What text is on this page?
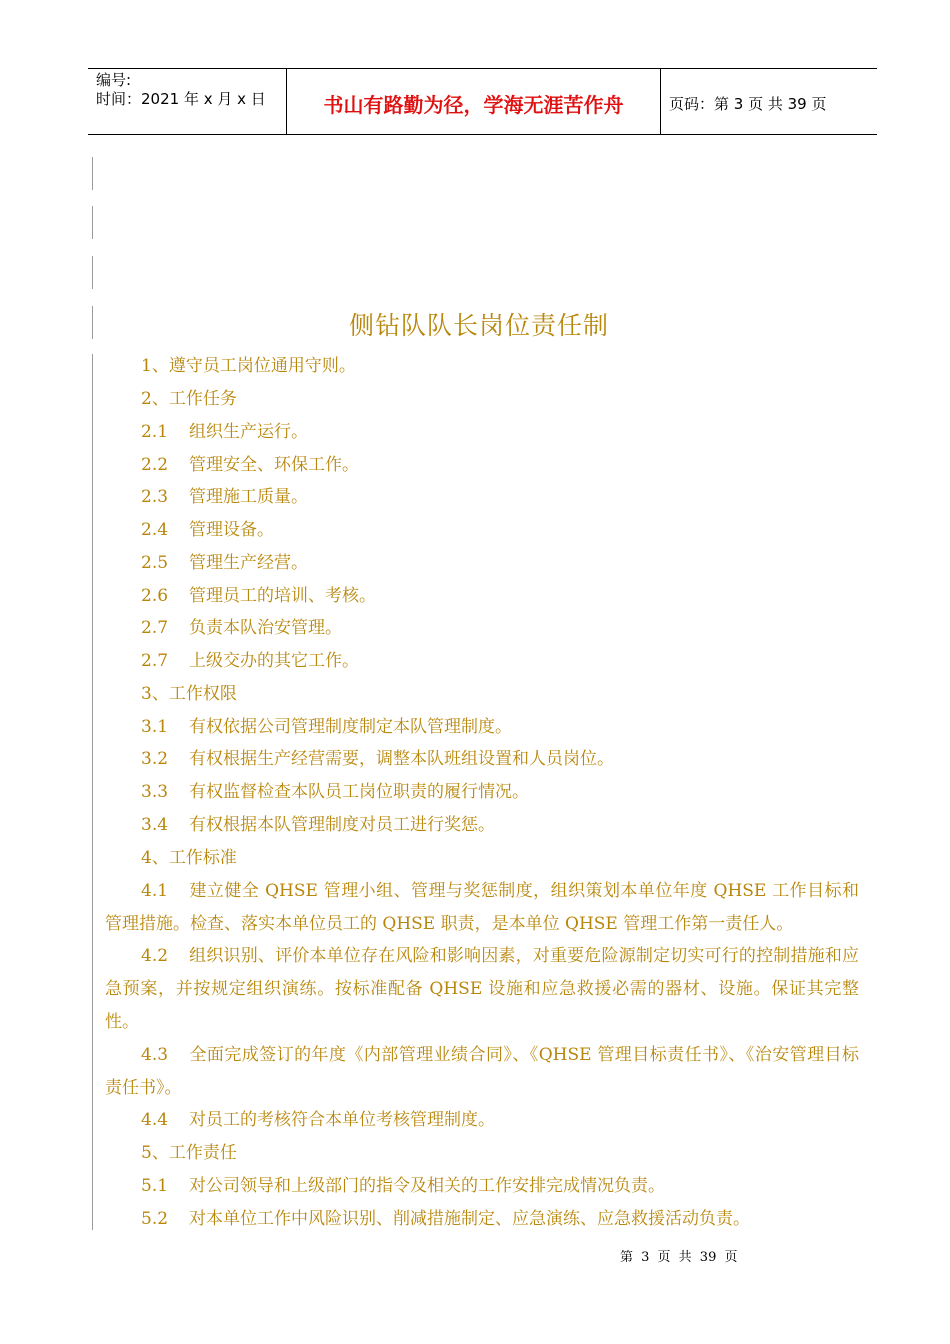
编号:
时间：2021 年 x 月 x 日	书山有路勤为径，学海无涯苦作舟	页码：第 3 页 共 39 页
侧钻队队长岗位责任制
1、遵守员工岗位通用守则。
2、工作任务
2.1 组织生产运行。
2.2 管理安全、环保工作。
2.3 管理施工质量。
2.4 管理设备。
2.5 管理生产经营。
2.6 管理员工的培训、考核。
2.7 负责本队治安管理。
2.7 上级交办的其它工作。
3、工作权限
3.1 有权依据公司管理制度制定本队管理制度。
3.2 有权根据生产经营需要，调整本队班组设置和人员岗位。
3.3 有权监督检查本队员工岗位职责的履行情况。
3.4 有权根据本队管理制度对员工进行奖惩。
4、工作标准
4.1 建立健全 QHSE 管理小组、管理与奖惩制度，组织策划本单位年度 QHSE 工作目标和管理措施。检查、落实本单位员工的 QHSE 职责，是本单位 QHSE 管理工作第一责任人。
4.2 组织识别、评价本单位存在风险和影响因素，对重要危险源制定切实可行的控制措施和应急预案，并按规定组织演练。按标准配备 QHSE 设施和应急救援必需的器材、设施。保证其完整性。
4.3 全面完成签订的年度《内部管理业绩合同》、《QHSE 管理目标责任书》、《治安管理目标责任书》。
4.4 对员工的考核符合本单位考核管理制度。
5、工作责任
5.1 对公司领导和上级部门的指令及相关的工作安排完成情况负责。
5.2 对本单位工作中风险识别、削减措施制定、应急演练、应急救援活动负责。
第 3 页 共 39 页
